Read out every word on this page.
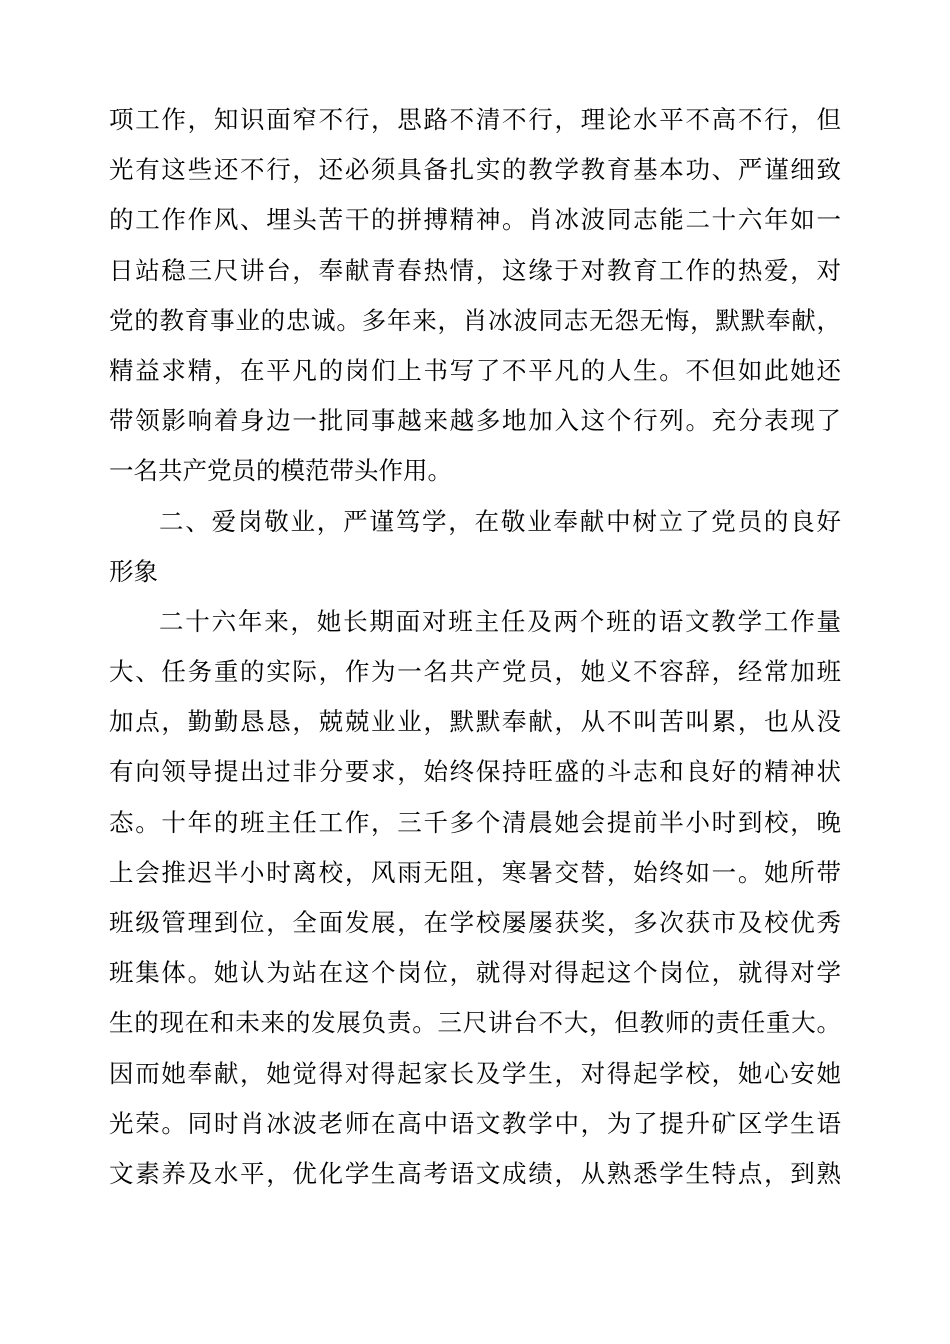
项工作，知识面窄不行，思路不清不行，理论水平不高不行，但
光有这些还不行，还必须具备扎实的教学教育基本功、严谨细致
的工作作风、埋头苦干的拼搏精神。肖冰波同志能二十六年如一
日站稳三尺讲台，奉献青春热情，这缘于对教育工作的热爱，对
党的教育事业的忠诚。多年来，肖冰波同志无怨无悔，默默奉献，
精益求精，在平凡的岗们上书写了不平凡的人生。不但如此她还
带领影响着身边一批同事越来越多地加入这个行列。充分表现了
一名共产党员的模范带头作用。
二、爱岗敬业，严谨笃学，在敬业奉献中树立了党员的良好
形象
二十六年来，她长期面对班主任及两个班的语文教学工作量
大、任务重的实际，作为一名共产党员，她义不容辞，经常加班
加点，勤勤恳恳，兢兢业业，默默奉献，从不叫苦叫累，也从没
有向领导提出过非分要求，始终保持旺盛的斗志和良好的精神状
态。十年的班主任工作，三千多个清晨她会提前半小时到校，晚
上会推迟半小时离校，风雨无阻，寒暑交替，始终如一。她所带
班级管理到位，全面发展，在学校屡屡获奖，多次获市及校优秀
班集体。她认为站在这个岗位，就得对得起这个岗位，就得对学
生的现在和未来的发展负责。三尺讲台不大，但教师的责任重大。
因而她奉献，她觉得对得起家长及学生，对得起学校，她心安她
光荣。同时肖冰波老师在高中语文教学中，为了提升矿区学生语
文素养及水平，优化学生高考语文成绩，从熟悉学生特点，到熟
